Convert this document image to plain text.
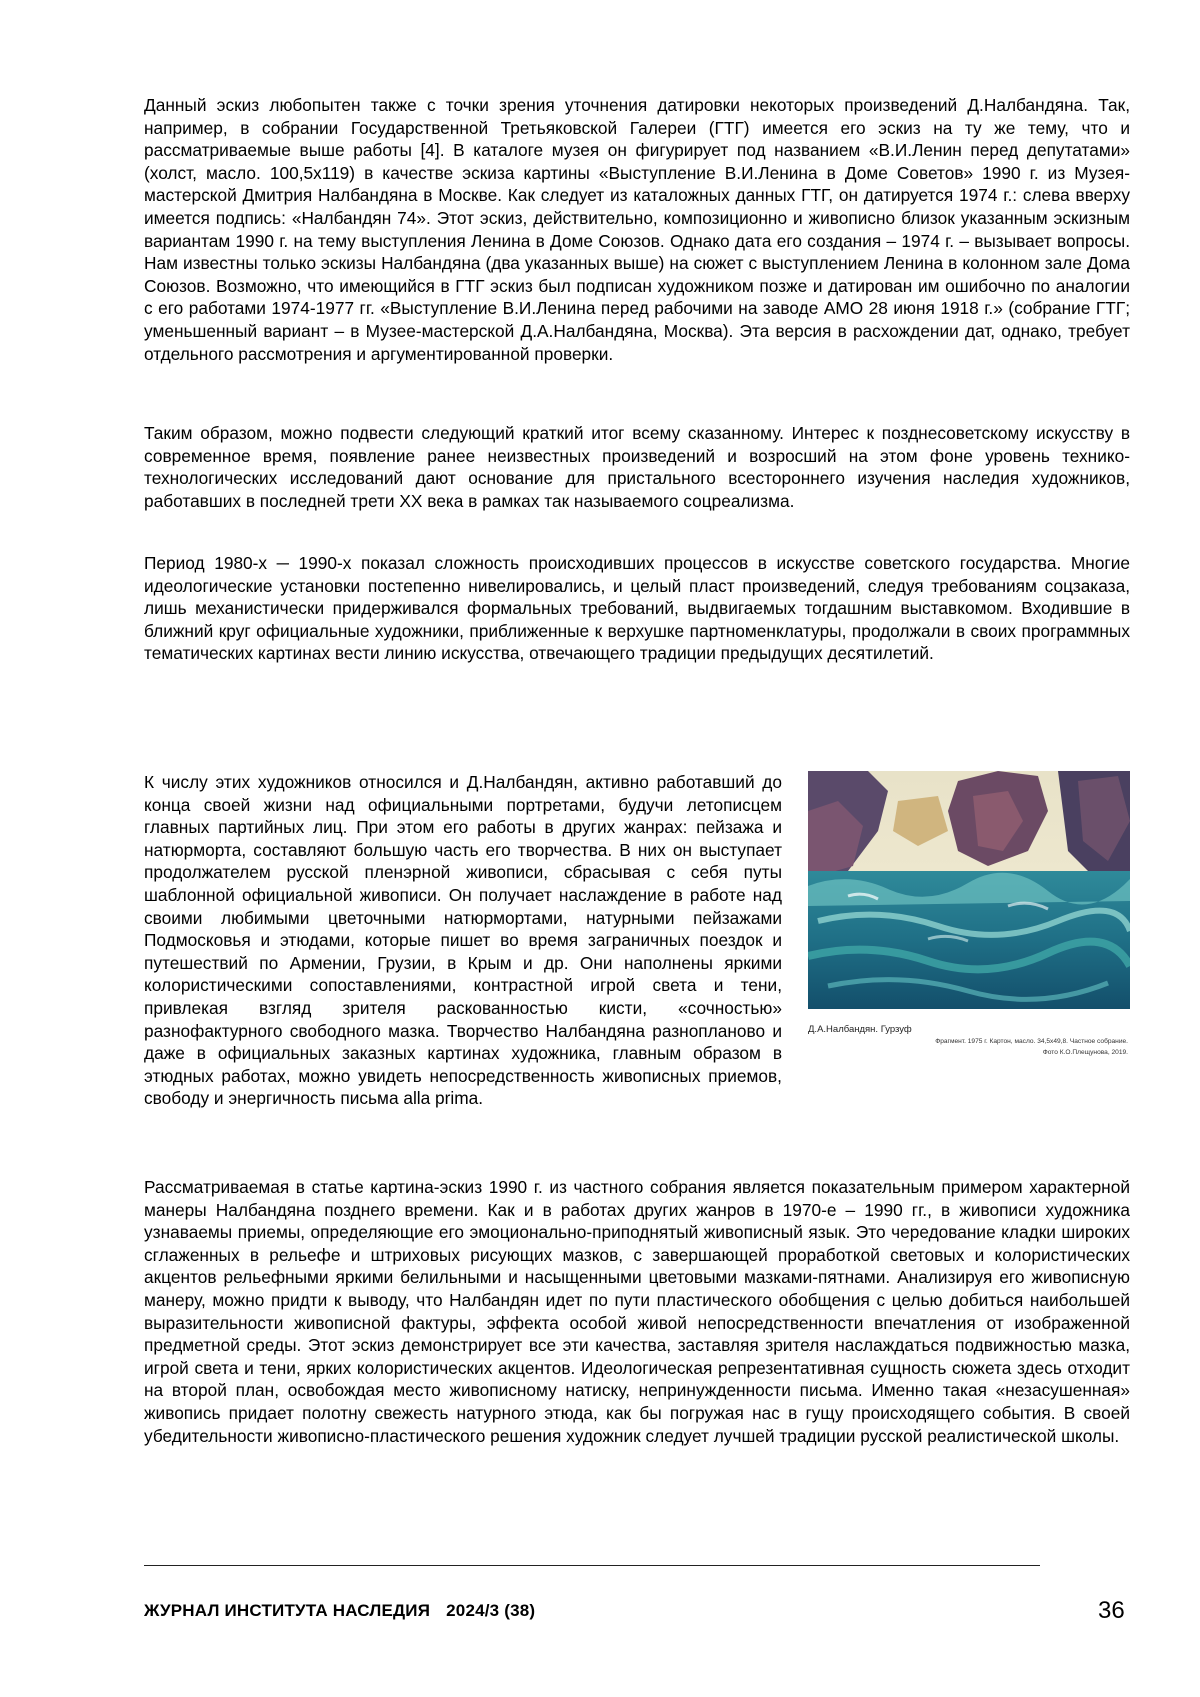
Данный эскиз любопытен также с точки зрения уточнения датировки некоторых произведений Д.Налбандяна. Так, например, в собрании Государственной Третьяковской Галереи (ГТГ) имеется его эскиз на ту же тему, что и рассматриваемые выше работы [4]. В каталоге музея он фигурирует под названием «В.И.Ленин перед депутатами» (холст, масло. 100,5х119) в качестве эскиза картины «Выступление В.И.Ленина в Доме Советов» 1990 г. из Музея-мастерской Дмитрия Налбандяна в Москве. Как следует из каталожных данных ГТГ, он датируется 1974 г.: слева вверху имеется подпись: «Налбандян 74». Этот эскиз, действительно, композиционно и живописно близок указанным эскизным вариантам 1990 г. на тему выступления Ленина в Доме Союзов. Однако дата его создания – 1974 г. – вызывает вопросы. Нам известны только эскизы Налбандяна (два указанных выше) на сюжет с выступлением Ленина в колонном зале Дома Союзов. Возможно, что имеющийся в ГТГ эскиз был подписан художником позже и датирован им ошибочно по аналогии с его работами 1974-1977 гг. «Выступление В.И.Ленина перед рабочими на заводе АМО 28 июня 1918 г.» (собрание ГТГ; уменьшенный вариант – в Музее-мастерской Д.А.Налбандяна, Москва). Эта версия в расхождении дат, однако, требует отдельного рассмотрения и аргументированной проверки.

Таким образом, можно подвести следующий краткий итог всему сказанному. Интерес к позднесоветскому искусству в современное время, появление ранее неизвестных произведений и возросший на этом фоне уровень технико-технологических исследований дают основание для пристального всестороннего изучения наследия художников, работавших в последней трети XX века в рамках так называемого соцреализма.

Период 1980-х ─ 1990-х показал сложность происходивших процессов в искусстве советского государства. Многие идеологические установки постепенно нивелировались, и целый пласт произведений, следуя требованиям соцзаказа, лишь механистически придерживался формальных требований, выдвигаемых тогдашним выставкомом. Входившие в ближний круг официальные художники, приближенные к верхушке партноменклатуры, продолжали в своих программных тематических картинах вести линию искусства, отвечающего традиции предыдущих десятилетий.

Д.А.Налбандян. Гурзуф
Фрагмент. 1975 г. Картон, масло. 34,5х49,8. Частное собрание.
Фото К.О.Плещунова, 2019.
К числу этих художников относился и Д.Налбандян, активно работавший до конца своей жизни над официальными портретами, будучи летописцем главных партийных лиц. При этом его работы в других жанрах: пейзажа и натюрморта, составляют большую часть его творчества. В них он выступает продолжателем русской пленэрной живописи, сбрасывая с себя путы шаблонной официальной живописи. Он получает наслаждение в работе над своими любимыми цветочными натюрмортами, натурными пейзажами Подмосковья и этюдами, которые пишет во время заграничных поездок и путешествий по Армении, Грузии, в Крым и др. Они наполнены яркими колористическими сопоставлениями, контрастной игрой света и тени, привлекая взгляд зрителя раскованностью кисти, «сочностью» разнофактурного свободного мазка. Творчество Налбандяна разнопланово и даже в официальных заказных картинах художника, главным образом в этюдных работах, можно увидеть непосредственность живописных приемов, свободу и энергичность письма alla prima.

Рассматриваемая в статье картина-эскиз 1990 г. из частного собрания является показательным примером характерной манеры Налбандяна позднего времени. Как и в работах других жанров в 1970-е – 1990 гг., в живописи художника узнаваемы приемы, определяющие его эмоционально-приподнятый живописный язык. Это чередование кладки широких сглаженных в рельефе и штриховых рисующих мазков, с завершающей проработкой световых и колористических акцентов рельефными яркими белильными и насыщенными цветовыми мазками-пятнами. Анализируя его живописную манеру, можно придти к выводу, что Налбандян идет по пути пластического обобщения с целью добиться наибольшей выразительности живописной фактуры, эффекта особой живой непосредственности впечатления от изображенной предметной среды. Этот эскиз демонстрирует все эти качества, заставляя зрителя наслаждаться подвижностью мазка, игрой света и тени, ярких колористических акцентов. Идеологическая репрезентативная сущность сюжета здесь отходит на второй план, освобождая место живописному натиску, непринужденности письма. Именно такая «незасушенная» живопись придает полотну свежесть натурного этюда, как бы погружая нас в гущу происходящего события. В своей убедительности живописно-пластического решения художник следует лучшей традиции русской реалистической школы.

ЖУРНАЛ ИНСТИТУТА НАСЛЕДИЯ 2024/3 (38)	36
